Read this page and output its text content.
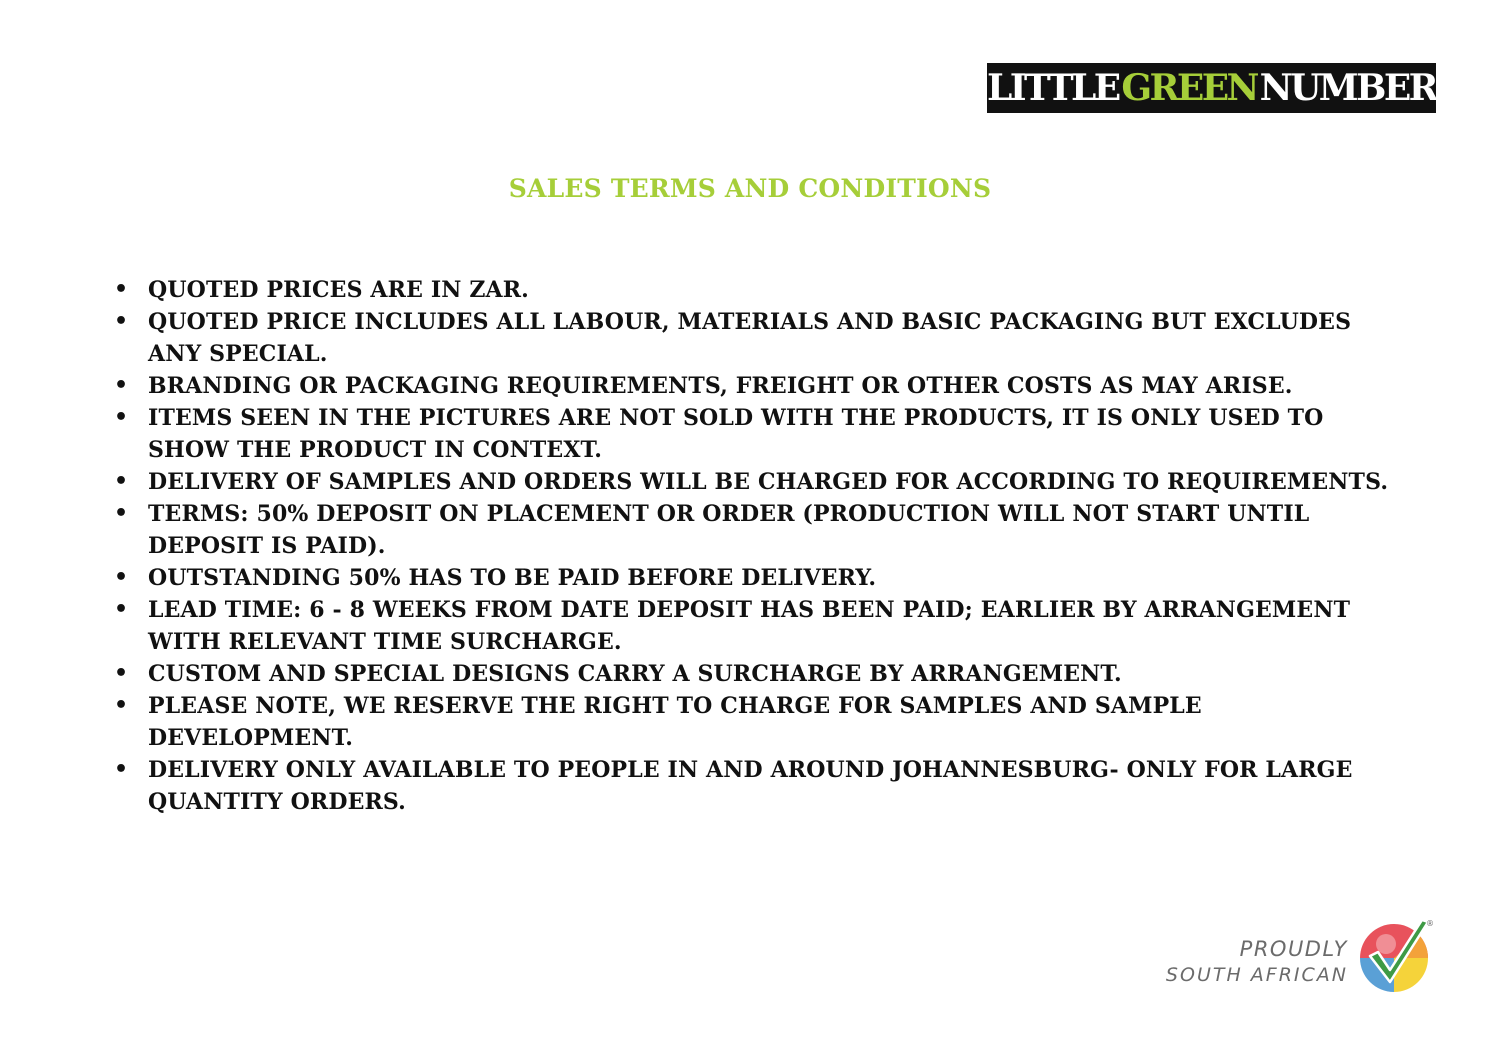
LITTLE GREEN NUMBER
SALES TERMS AND CONDITIONS
• QUOTED PRICES ARE IN ZAR.
• QUOTED PRICE INCLUDES ALL LABOUR, MATERIALS AND BASIC PACKAGING BUT EXCLUDES ANY SPECIAL.
• BRANDING OR PACKAGING REQUIREMENTS, FREIGHT OR OTHER COSTS AS MAY ARISE.
• ITEMS SEEN IN THE PICTURES ARE NOT SOLD WITH THE PRODUCTS, IT IS ONLY USED TO SHOW THE PRODUCT IN CONTEXT.
• DELIVERY OF SAMPLES AND ORDERS WILL BE CHARGED FOR ACCORDING TO REQUIREMENTS.
• TERMS: 50% DEPOSIT ON PLACEMENT OR ORDER (PRODUCTION WILL NOT START UNTIL DEPOSIT IS PAID).
• OUTSTANDING 50% HAS TO BE PAID BEFORE DELIVERY.
• LEAD TIME: 6 - 8 WEEKS FROM DATE DEPOSIT HAS BEEN PAID; EARLIER BY ARRANGEMENT WITH RELEVANT TIME SURCHARGE.
• CUSTOM AND SPECIAL DESIGNS CARRY A SURCHARGE BY ARRANGEMENT.
• PLEASE NOTE, WE RESERVE THE RIGHT TO CHARGE FOR SAMPLES AND SAMPLE DEVELOPMENT.
• DELIVERY ONLY AVAILABLE TO PEOPLE IN AND AROUND JOHANNESBURG- ONLY FOR LARGE QUANTITY ORDERS.
PROUDLY
SOUTH AFRICAN
®
